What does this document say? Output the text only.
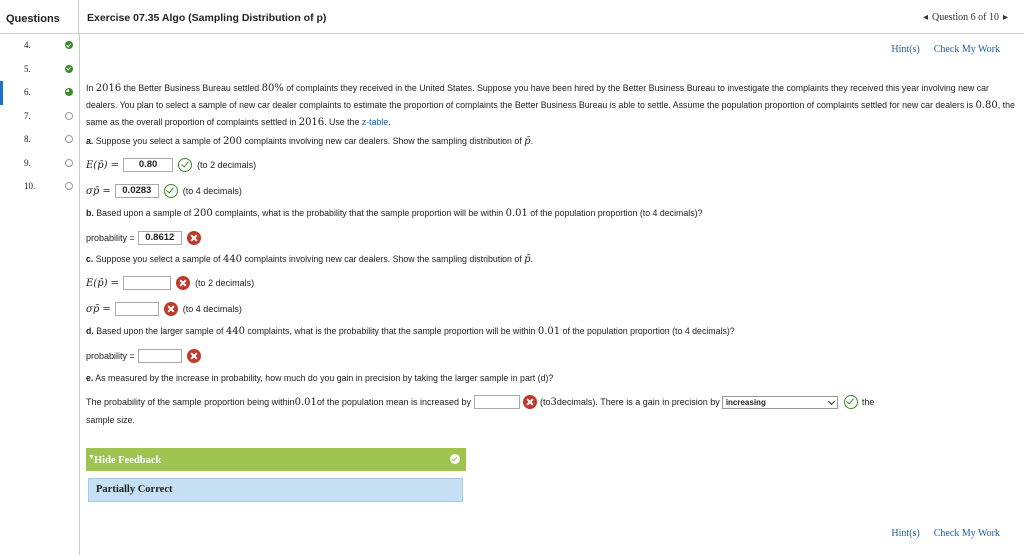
Questions	Exercise 07.35 Algo (Sampling Distribution of p)	◂ Question 6 of 10 ▸
4.
5.
6.
7.
8.
9.
10.
Hint(s) Check My Work
In 2016 the Better Business Bureau settled 80% of complaints they received in the United States. Suppose you have been hired by the Better Business Bureau to investigate the complaints they received this year involving new car dealers. You plan to select a sample of new car dealer complaints to estimate the proportion of complaints the Better Business Bureau is able to settle. Assume the population proportion of complaints settled for new car dealers is 0.80, the same as the overall proportion of complaints settled in 2016. Use the z-table.
a. Suppose you select a sample of 200 complaints involving new car dealers. Show the sampling distribution of p̄.
E(p̄) =	0.80	(to 2 decimals)
σp̄ =	0.0283	(to 4 decimals)
b. Based upon a sample of 200 complaints, what is the probability that the sample proportion will be within 0.01 of the population proportion (to 4 decimals)?
probability =	0.8612
c. Suppose you select a sample of 440 complaints involving new car dealers. Show the sampling distribution of p̄.
E(p̄) =	(to 2 decimals)
σp̄ =	(to 4 decimals)
d. Based upon the larger sample of 440 complaints, what is the probability that the sample proportion will be within 0.01 of the population proportion (to 4 decimals)?
probability =
e. As measured by the increase in probability, how much do you gain in precision by taking the larger sample in part (d)?
The probability of the sample proportion being within 0.01 of the population mean is increased by	(to 3 decimals). There is a gain in precision by increasing	the
sample size.
▼ Hide Feedback
Partially Correct
Hint(s) Check My Work
